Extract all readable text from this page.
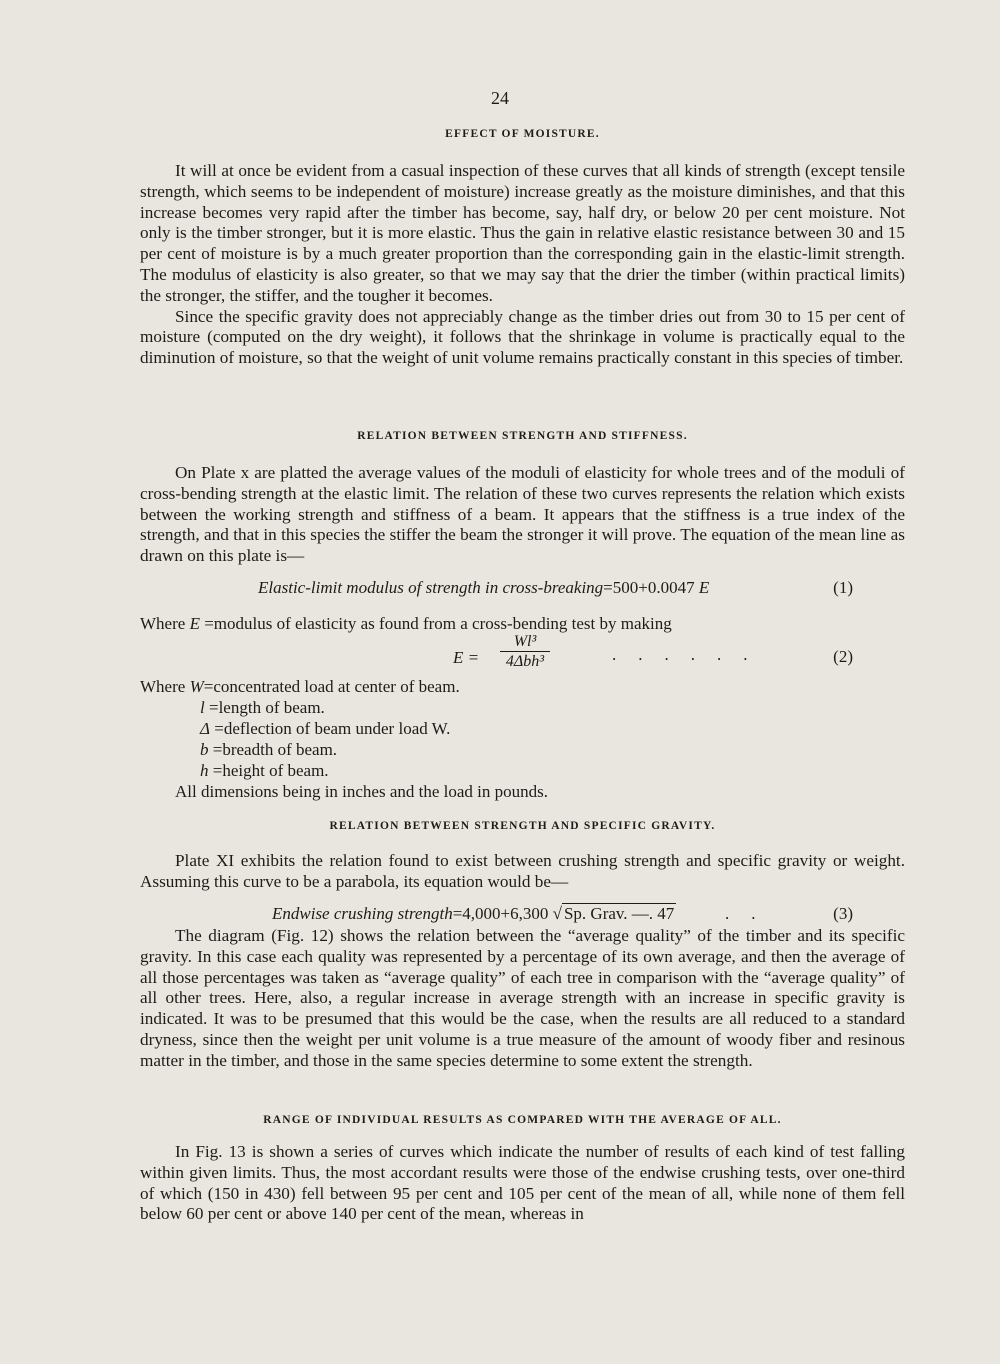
24
EFFECT OF MOISTURE.

It will at once be evident from a casual inspection of these curves that all kinds of strength (except tensile strength, which seems to be independent of moisture) increase greatly as the moisture diminishes, and that this increase becomes very rapid after the timber has become, say, half dry, or below 20 per cent moisture. Not only is the timber stronger, but it is more elastic. Thus the gain in relative elastic resistance between 30 and 15 per cent of moisture is by a much greater proportion than the corresponding gain in the elastic-limit strength. The modulus of elasticity is also greater, so that we may say that the drier the timber (within practical limits) the stronger, the stiffer, and the tougher it becomes.

Since the specific gravity does not appreciably change as the timber dries out from 30 to 15 per cent of moisture (computed on the dry weight), it follows that the shrinkage in volume is practically equal to the diminution of moisture, so that the weight of unit volume remains practically constant in this species of timber.

RELATION BETWEEN STRENGTH AND STIFFNESS.

On Plate x are platted the average values of the moduli of elasticity for whole trees and of the moduli of cross-bending strength at the elastic limit. The relation of these two curves represents the relation which exists between the working strength and stiffness of a beam. It appears that the stiffness is a true index of the strength, and that in this species the stiffer the beam the stronger it will prove. The equation of the mean line as drawn on this plate is—

Elastic-limit modulus of strength in cross-breaking=500+0.0047 E	(1)
Where E =modulus of elasticity as found from a cross-bending test by making
E =
Wl³
4Δbh³	......	(2)
Where W=concentrated load at center of beam.
l =length of beam.
Δ =deflection of beam under load W.
b =breadth of beam.
h =height of beam.
All dimensions being in inches and the load in pounds.
RELATION BETWEEN STRENGTH AND SPECIFIC GRAVITY.

Plate XI exhibits the relation found to exist between crushing strength and specific gravity or weight. Assuming this curve to be a parabola, its equation would be—

Endwise crushing strength=4,000+6,300 √ Sp. Grav. —. 47	..	(3)

The diagram (Fig. 12) shows the relation between the “average quality” of the timber and its specific gravity. In this case each quality was represented by a percentage of its own average, and then the average of all those percentages was taken as “average quality” of each tree in comparison with the “average quality” of all other trees. Here, also, a regular increase in average strength with an increase in specific gravity is indicated. It was to be presumed that this would be the case, when the results are all reduced to a standard dryness, since then the weight per unit volume is a true measure of the amount of woody fiber and resinous matter in the timber, and those in the same species determine to some extent the strength.

RANGE OF INDIVIDUAL RESULTS AS COMPARED WITH THE AVERAGE OF ALL.

In Fig. 13 is shown a series of curves which indicate the number of results of each kind of test falling within given limits. Thus, the most accordant results were those of the endwise crushing tests, over one-third of which (150 in 430) fell between 95 per cent and 105 per cent of the mean of all, while none of them fell below 60 per cent or above 140 per cent of the mean, whereas in
